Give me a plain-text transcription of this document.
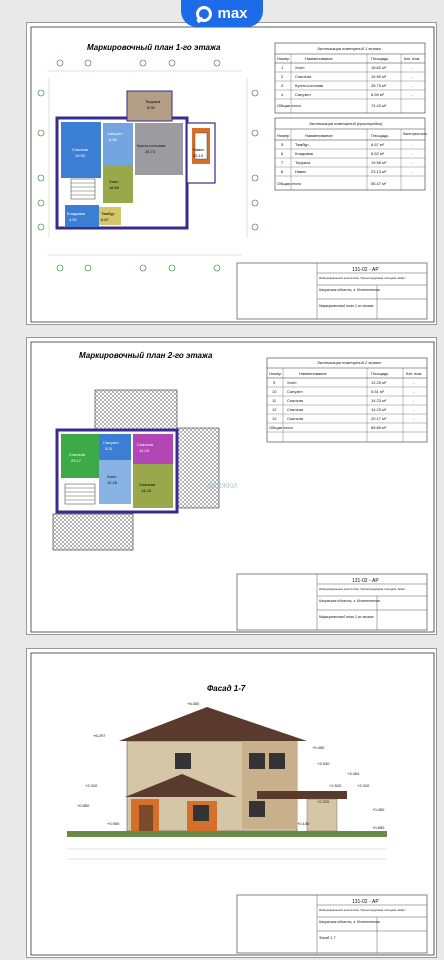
Маркировочный план 1-го этажа
Спальня
19.90
Кухня-гостиная
28.73
Холл
16.60
Санузел
6.59
Кладовая
4.52
Тамбур
6.67
Терраса
8.90
Навес
23.13
Экспликация помещений 1 этажа
Номер	Наименование	Площадь	Кат. пом.
1	Холл	18.62 м²	-
2	Спальня	19.90 м²	-
3	Кухня-гостиная	28.73 м²	-
4	Санузел	6.59 м²	-
Общая итого	74.43 м²
Экспликация помещений (пристройки)
Номер	Наименование	Площадь	Категория пом.
5	Тамбур	6.67 м²	-
6	Кладовая	6.52 м²	-
7	Терраса	19.56 м²	-
8	Навес	23.13 м²	-
Общая итого	55.47 м²
131-02 - АР
Индивидуальный жилой дом. Проектируемая площадь 116м²
Калужская область, г. Вознесенская
Маркировочный план 1-го этажа
Маркировочный план 2-го этажа
Спальня
20.17
Спальня
14.23
Холл
12.25	Спальня
14.23
Санузел
5.51
ДВИЖКИ
Экспликация помещений 2 этажа
Номер	Наименование	Площадь	Кат. пом.
9	Холл	12.25 м²	-
10	Санузел	5.51 м²	-
11	Спальня	14.23 м²	-
12	Спальня	14.23 м²	-
13	Спальня	20.17 м²	-
Общая итого	65.89 м²
131-02 - АР
Индивидуальный жилой дом. Проектируемая площадь 116м²
Калужская область, г. Вознесенская
Маркировочный план 2-го этажа
Фасад 1-7
+8.350
+6.297
+5.450
+3.930
+3.454
+2.410	+2.520	+2.410
+0.850
+0.950	+0.150
+0.450
+0.650
+2.220
131-02 - АР
Индивидуальный жилой дом. Проектируемая площадь 116м²
Калужская область, г. Вознесенская
Фасад 1-7
max
